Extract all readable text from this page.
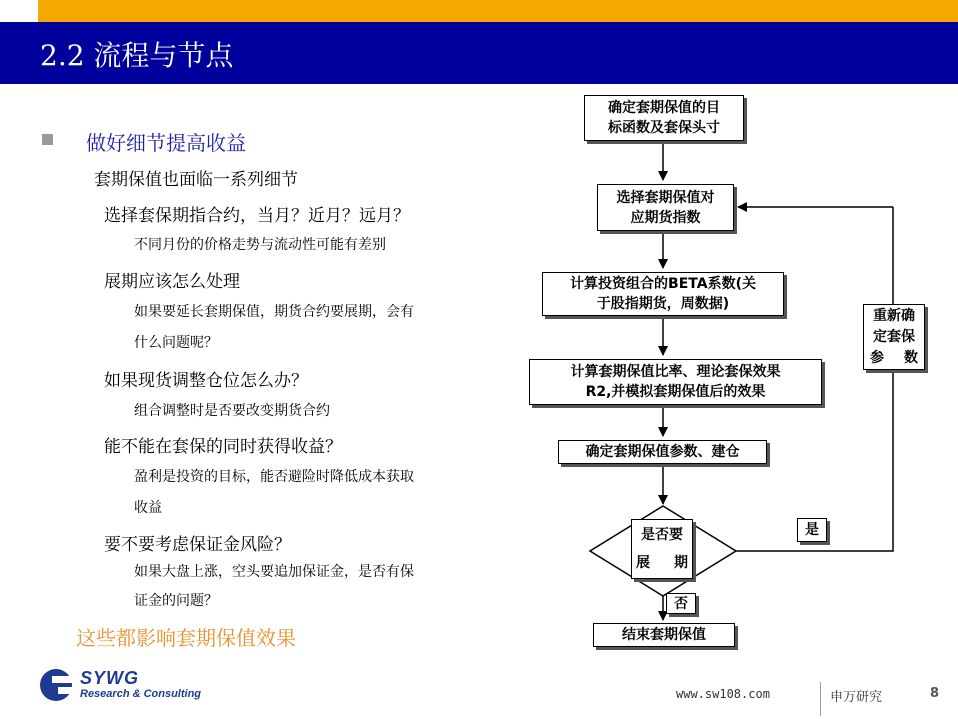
2.2 流程与节点
做好细节提高收益
套期保值也面临一系列细节
选择套保期指合约，当月？近月？远月？
不同月份的价格走势与流动性可能有差别
展期应该怎么处理
如果要延长套期保值，期货合约要展期，会有
什么问题呢？
如果现货调整仓位怎么办？
组合调整时是否要改变期货合约
能不能在套保的同时获得收益？
盈利是投资的目标，能否避险时降低成本获取
收益
要不要考虑保证金风险？
如果大盘上涨，空头要追加保证金，是否有保
证金的问题？
这些都影响套期保值效果
确定套期保值的目
标函数及套保头寸
选择套期保值对
应期货指数
计算投资组合的BETA系数(关
于股指期货，周数据)
计算套期保值比率、理论套保效果
R2,并模拟套期保值后的效果
确定套期保值参数、建仓
是否要
展 期
是
否
结束套期保值
重新确
定套保
参 数
SYWG
Research & Consulting	www.sw108.com	申万研究	8
